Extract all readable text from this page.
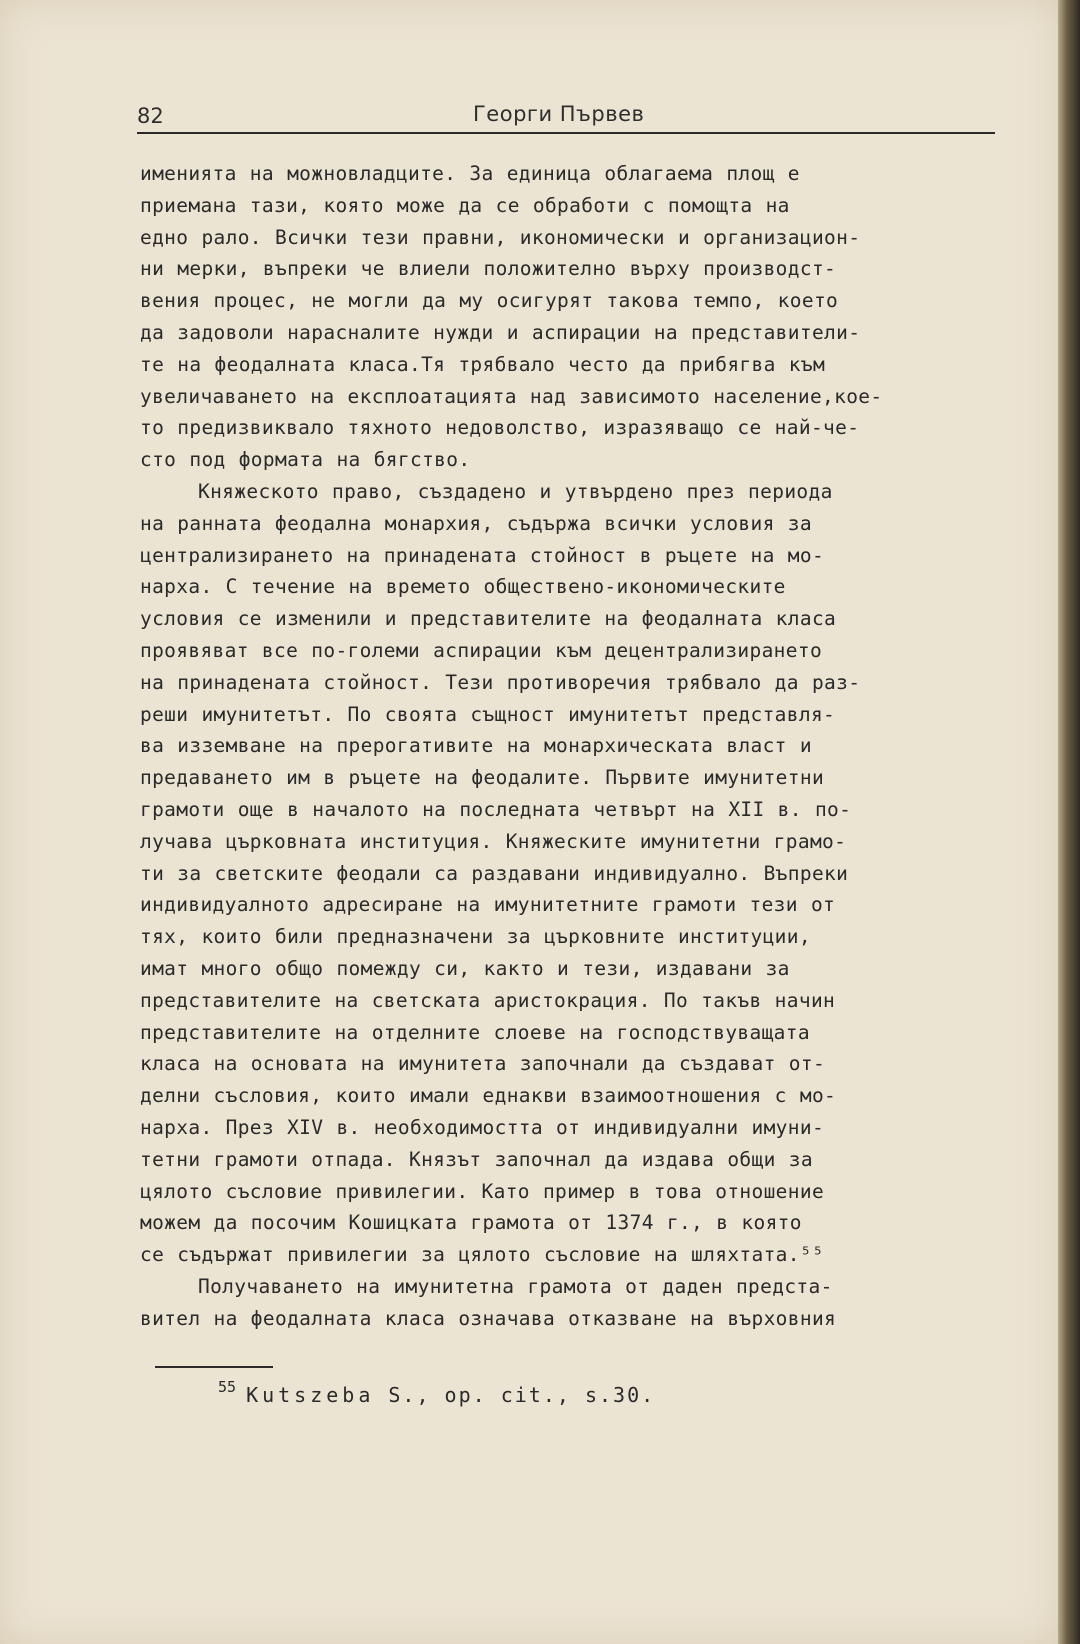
82	Георги Първев
именията на можновладците. За единица облагаема площ е
приемана тази, която може да се обработи с помощта на
едно рало. Всички тези правни, икономически и организацион-
ни мерки, въпреки че влиели положително върху производст-
вения процес, не могли да му осигурят такова темпо, което
да задоволи нарасналите нужди и аспирации на представители-
те на феодалната класа.Тя трябвало често да прибягва към
увеличаването на експлоатацията над зависимото население,кое-
то предизвиквало тяхното недоволство, изразяващо се най-че-
сто под формата на бягство.
Княжеското право, създадено и утвърдено през периода
на ранната феодална монархия, съдържа всички условия за
централизирането на принадената стойност в ръцете на мо-
нарха. С течение на времето обществено-икономическите
условия се изменили и представителите на феодалната класа
проявяват все по-големи аспирации към децентрализирането
на принадената стойност. Тези противоречия трябвало да раз-
реши имунитетът. По своята същност имунитетът представля-
ва изземване на прерогативите на монархическата власт и
предаването им в ръцете на феодалите. Първите имунитетни
грамоти още в началото на последната четвърт на XII в. по-
лучава църковната институция. Княжеските имунитетни грамо-
ти за светските феодали са раздавани индивидуално. Въпреки
индивидуалното адресиране на имунитетните грамоти тези от
тях, които били предназначени за църковните институции,
имат много общо помежду си, както и тези, издавани за
представителите на светската аристокрация. По такъв начин
представителите на отделните слоеве на господствуващата
класа на основата на имунитета започнали да създават от-
делни съсловия, които имали еднакви взаимоотношения с мо-
нарха. През XIV в. необходимостта от индивидуални имуни-
тетни грамоти отпада. Князът започнал да издава общи за
цялото съсловие привилегии. Като пример в това отношение
можем да посочим Кошицката грамота от 1374 г., в която
се съдържат привилегии за цялото съсловие на шляхтата.⁵⁵
Получаването на имунитетна грамота от даден предста-
вител на феодалната класа означава отказване на върховния
$^{55}$ Kutszeba S., op. cit., s.30.
